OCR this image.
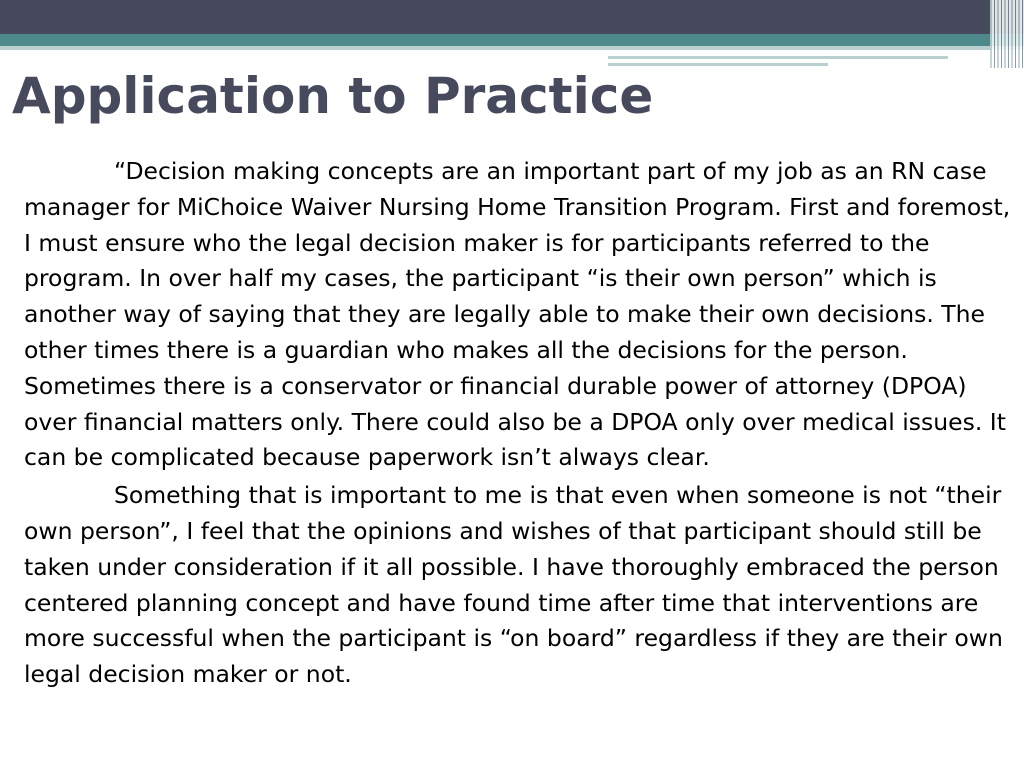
Application to Practice

“Decision making concepts are an important part of my job as an RN case manager for MiChoice Waiver Nursing Home Transition Program. First and foremost, I must ensure who the legal decision maker is for participants referred to the program. In over half my cases, the participant “is their own person” which is another way of saying that they are legally able to make their own decisions. The other times there is a guardian who makes all the decisions for the person. Sometimes there is a conservator or financial durable power of attorney (DPOA) over financial matters only. There could also be a DPOA only over medical issues. It can be complicated because paperwork isn’t always clear.

Something that is important to me is that even when someone is not “their own person”, I feel that the opinions and wishes of that participant should still be taken under consideration if it all possible. I have thoroughly embraced the person centered planning concept and have found time after time that interventions are more successful when the participant is “on board” regardless if they are their own legal decision maker or not.
